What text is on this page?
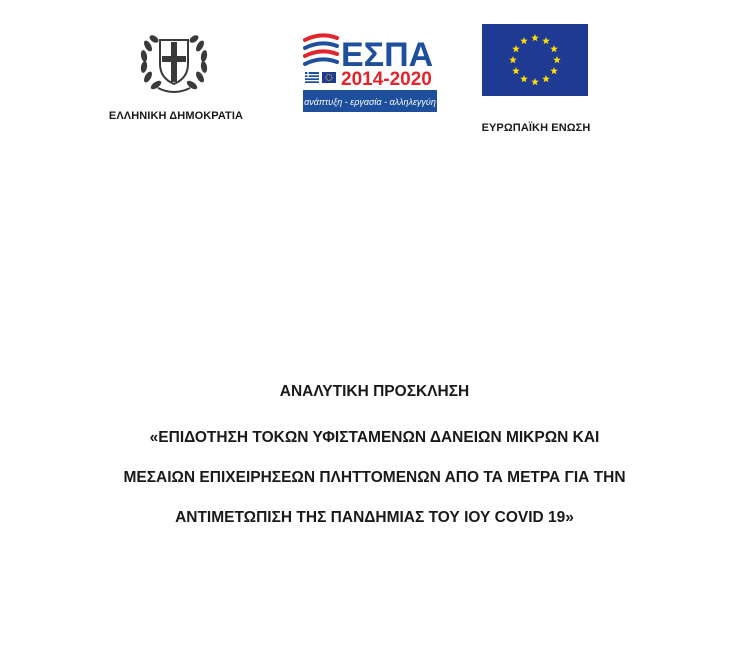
ΕΛΛΗΝΙΚΗ ΔΗΜΟΚΡΑΤΙΑ
ΕΣΠΑ
2014-2020
ανάπτυξη - εργασία - αλληλεγγύη
ΕΥΡΩΠΑΪΚΗ ΕΝΩΣΗ
ΑΝΑΛΥΤΙΚΗ ΠΡΟΣΚΛΗΣΗ
«ΕΠΙΔΟΤΗΣΗ ΤΟΚΩΝ ΥΦΙΣΤΑΜΕΝΩΝ ΔΑΝΕΙΩΝ ΜΙΚΡΩΝ ΚΑΙ
ΜΕΣΑΙΩΝ ΕΠΙΧΕΙΡΗΣΕΩΝ ΠΛΗΤΤΟΜΕΝΩΝ ΑΠΟ ΤΑ ΜΕΤΡΑ ΓΙΑ ΤΗΝ
ΑΝΤΙΜΕΤΩΠΙΣΗ ΤΗΣ ΠΑΝΔΗΜΙΑΣ ΤΟΥ ΙΟΥ COVID 19»
